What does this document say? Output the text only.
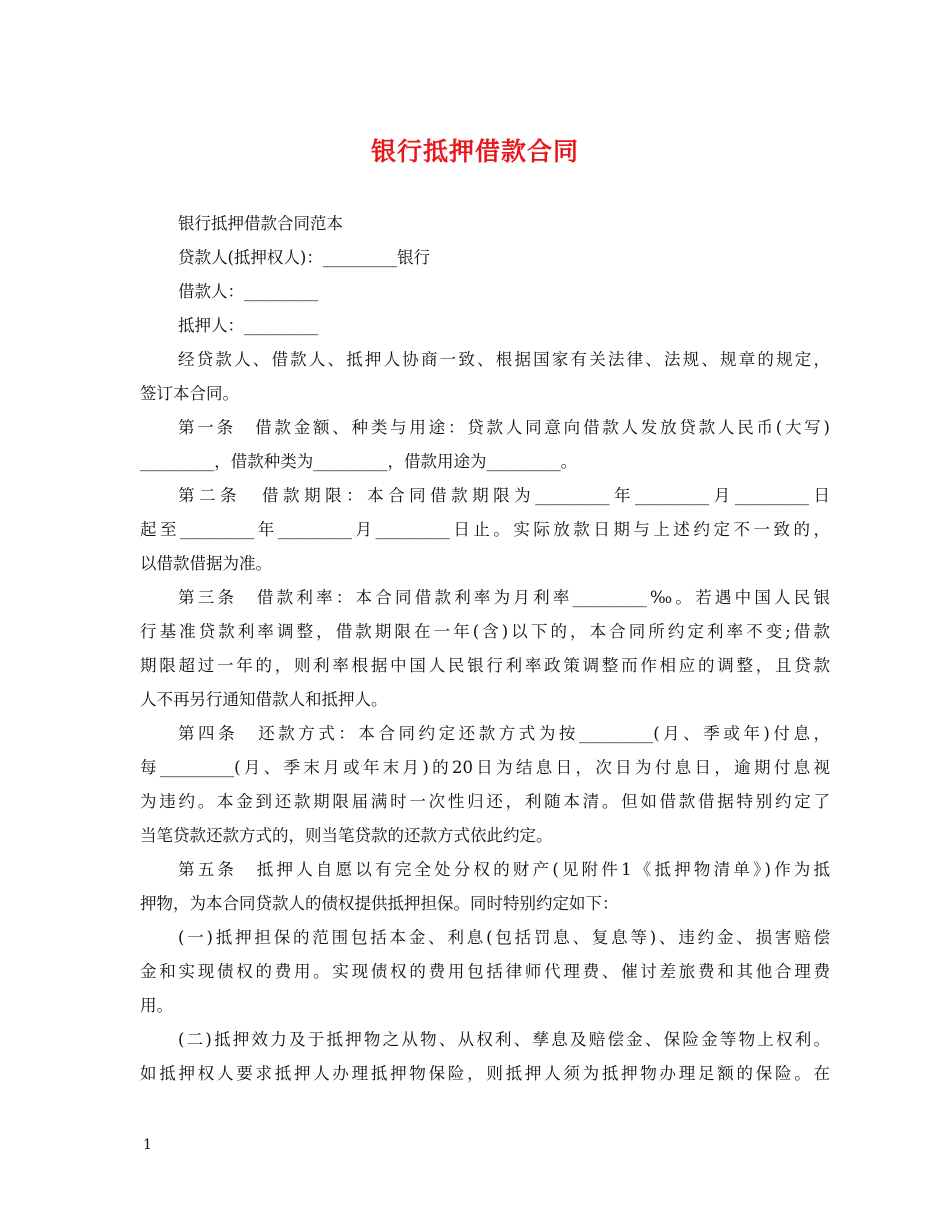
银行抵押借款合同
银行抵押借款合同范本
贷款人(抵押权人)：_________银行
借款人：_________
抵押人：_________
经贷款人、借款人、抵押人协商一致、根据国家有关法律、法规、规章的规定，
签订本合同。
第一条　借款金额、种类与用途：贷款人同意向借款人发放贷款人民币(大写)
_________，借款种类为_________，借款用途为_________。
第二条　借款期限：本合同借款期限为_________年_________月_________日
起至_________年_________月_________日止。实际放款日期与上述约定不一致的，
以借款借据为准。
第三条　借款利率：本合同借款利率为月利率_________‰。若遇中国人民银
行基准贷款利率调整，借款期限在一年(含)以下的，本合同所约定利率不变;借款
期限超过一年的，则利率根据中国人民银行利率政策调整而作相应的调整，且贷款
人不再另行通知借款人和抵押人。
第四条　还款方式：本合同约定还款方式为按_________(月、季或年)付息，
每_________(月、季末月或年末月)的20日为结息日，次日为付息日，逾期付息视
为违约。本金到还款期限届满时一次性归还，利随本清。但如借款借据特别约定了
当笔贷款还款方式的，则当笔贷款的还款方式依此约定。
第五条　抵押人自愿以有完全处分权的财产(见附件1《抵押物清单》)作为抵
押物，为本合同贷款人的债权提供抵押担保。同时特别约定如下：
(一)抵押担保的范围包括本金、利息(包括罚息、复息等)、违约金、损害赔偿
金和实现债权的费用。实现债权的费用包括律师代理费、催讨差旅费和其他合理费
用。
(二)抵押效力及于抵押物之从物、从权利、孳息及赔偿金、保险金等物上权利。
如抵押权人要求抵押人办理抵押物保险，则抵押人须为抵押物办理足额的保险。在
1
